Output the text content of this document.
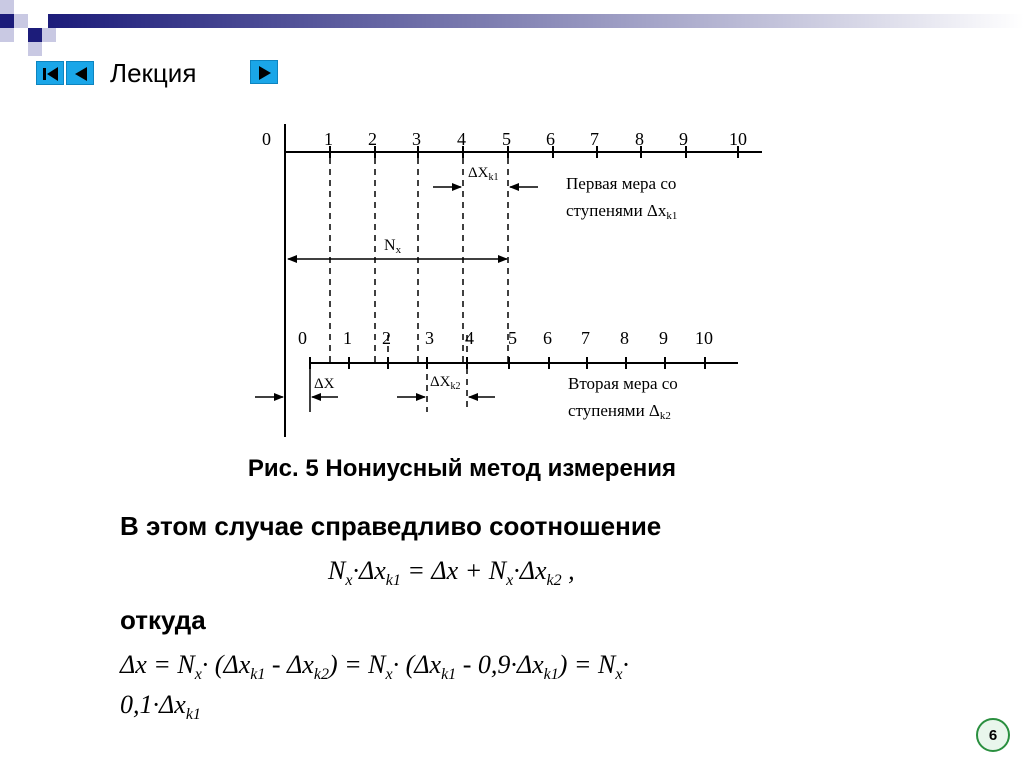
Лекция
0	1 2 3 4 5 6 7 8 9 10
$\Delta X_{k1}$	Первая мера со
ступенями Δxk1
Nx
0 1 2 3 4 5 6 7 8 9 10
ΔX	$\Delta X_{k2}$	Вторая мера со
ступенями Δk2
Рис. 5 Нониусный метод измерения
В этом случае справедливо соотношение
$N_x\cdot\Delta x_{k1} = \Delta x + N_x\cdot\Delta x_{k2}$ ,
откуда
$\Delta x = N_x\cdot (\Delta x_{k1} - \Delta x_{k2}) = N_x\cdot (\Delta x_{k1} - 0,9\cdot\Delta x_{k1}) = N_x\cdot$
$0,1\cdot\Delta x_{k1}$
6
